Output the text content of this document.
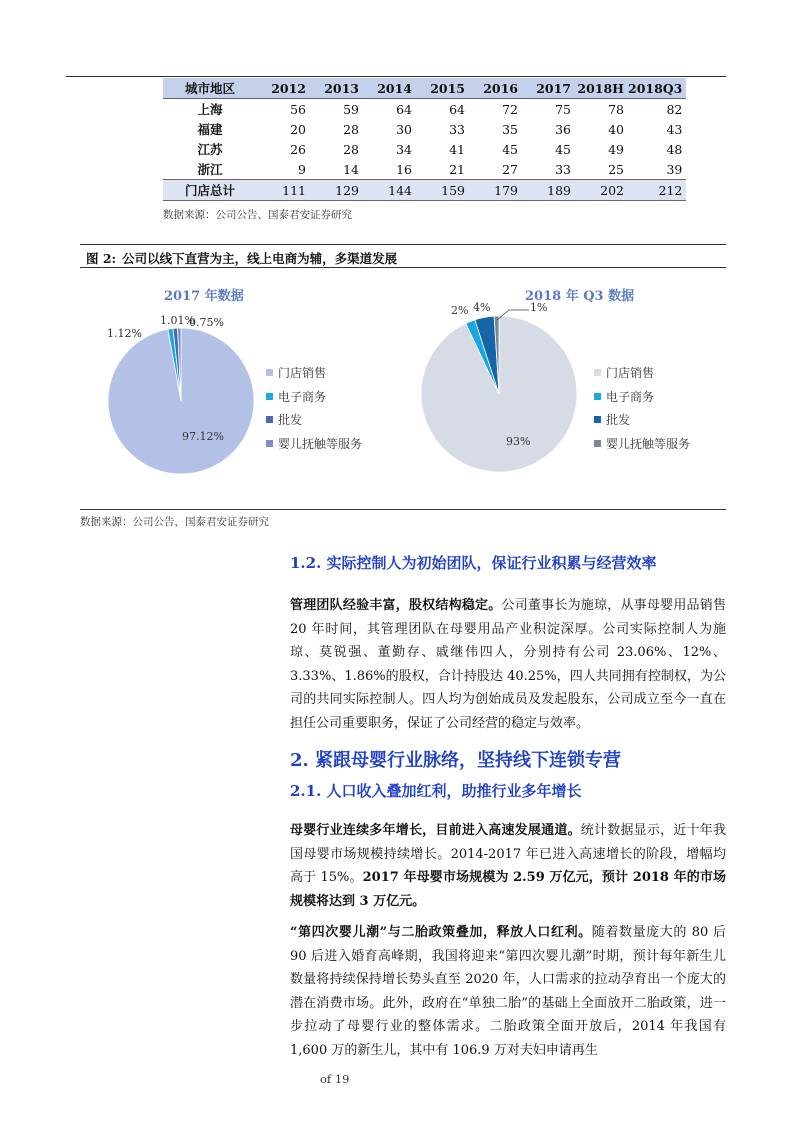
城市地区	2012	2013	2014	2015	2016	2017	2018H	2018Q3
上海	56	59	64	64	72	75	78	82
福建	20	28	30	33	35	36	40	43
江苏	26	28	34	41	45	45	49	48
浙江	9	14	16	21	27	33	25	39
门店总计	111	129	144	159	179	189	202	212
数据来源：公司公告、国泰君安证券研究
图 2: 公司以线下直营为主，线上电商为辅，多渠道发展
2017 年数据
1.12%
1.01%
0.75%
97.12%
门店销售
电子商务
批发
婴儿抚触等服务
2018 年 Q3 数据
2% 4%	1%
93%
门店销售
电子商务
批发
婴儿抚触等服务
数据来源：公司公告，国泰君安证券研究
1.2. 实际控制人为初始团队，保证行业积累与经营效率
管理团队经验丰富，股权结构稳定。公司董事长为施琼，从事母婴用品销售 20 年时间，其管理团队在母婴用品产业积淀深厚。公司实际控制人为施琼、莫锐强、董勤存、戚继伟四人，分别持有公司 23.06%、12%、3.33%、1.86%的股权，合计持股达 40.25%，四人共同拥有控制权，为公司的共同实际控制人。四人均为创始成员及发起股东，公司成立至今一直在担任公司重要职务，保证了公司经营的稳定与效率。
2. 紧跟母婴行业脉络，坚持线下连锁专营
2.1. 人口收入叠加红利，助推行业多年增长
母婴行业连续多年增长，目前进入高速发展通道。统计数据显示，近十年我国母婴市场规模持续增长。2014-2017 年已进入高速增长的阶段，增幅均高于 15%。2017 年母婴市场规模为 2.59 万亿元，预计 2018 年的市场规模将达到 3 万亿元。
“第四次婴儿潮”与二胎政策叠加，释放人口红利。随着数量庞大的 80 后 90 后进入婚育高峰期，我国将迎来“第四次婴儿潮”时期，预计每年新生儿数量将持续保持增长势头直至 2020 年，人口需求的拉动孕育出一个庞大的潜在消费市场。此外，政府在“单独二胎”的基础上全面放开二胎政策，进一步拉动了母婴行业的整体需求。二胎政策全面开放后，2014 年我国有 1,600 万的新生儿，其中有 106.9 万对夫妇申请再生
of 19
